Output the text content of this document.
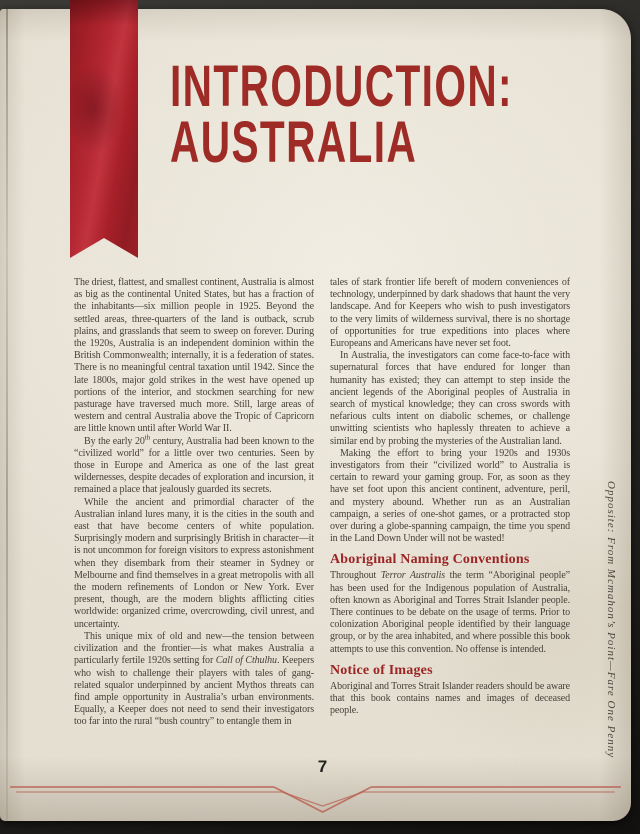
INTRODUCTION:
AUSTRALIA

The driest, flattest, and smallest continent, Australia is almost as big as the continental United States, but has a fraction of the inhabitants—six million people in 1925. Beyond the settled areas, three-quarters of the land is outback, scrub plains, and grasslands that seem to sweep on forever. During the 1920s, Australia is an independent dominion within the British Commonwealth; internally, it is a federation of states. There is no meaningful central taxation until 1942. Since the late 1800s, major gold strikes in the west have opened up portions of the interior, and stockmen searching for new pasturage have traversed much more. Still, large areas of western and central Australia above the Tropic of Capricorn are little known until after World War II.

By the early 20th century, Australia had been known to the “civilized world” for a little over two centuries. Seen by those in Europe and America as one of the last great wildernesses, despite decades of exploration and incursion, it remained a place that jealously guarded its secrets.

While the ancient and primordial character of the Australian inland lures many, it is the cities in the south and east that have become centers of white population. Surprisingly modern and surprisingly British in character—it is not uncommon for foreign visitors to express astonishment when they disembark from their steamer in Sydney or Melbourne and find themselves in a great metropolis with all the modern refinements of London or New York. Ever present, though, are the modern blights afflicting cities worldwide: organized crime, overcrowding, civil unrest, and uncertainty.

This unique mix of old and new—the tension between civilization and the frontier—is what makes Australia a particularly fertile 1920s setting for Call of Cthulhu. Keepers who wish to challenge their players with tales of gang-related squalor underpinned by ancient Mythos threats can find ample opportunity in Australia’s urban environments. Equally, a Keeper does not need to send their investigators too far into the rural “bush country” to entangle them in

tales of stark frontier life bereft of modern conveniences of technology, underpinned by dark shadows that haunt the very landscape. And for Keepers who wish to push investigators to the very limits of wilderness survival, there is no shortage of opportunities for true expeditions into places where Europeans and Americans have never set foot.

In Australia, the investigators can come face-to-face with supernatural forces that have endured for longer than humanity has existed; they can attempt to step inside the ancient legends of the Aboriginal peoples of Australia in search of mystical knowledge; they can cross swords with nefarious cults intent on diabolic schemes, or challenge unwitting scientists who haplessly threaten to achieve a similar end by probing the mysteries of the Australian land.

Making the effort to bring your 1920s and 1930s investigators from their “civilized world” to Australia is certain to reward your gaming group. For, as soon as they have set foot upon this ancient continent, adventure, peril, and mystery abound. Whether run as an Australian campaign, a series of one-shot games, or a protracted stop over during a globe-spanning campaign, the time you spend in the Land Down Under will not be wasted!

Aboriginal Naming Conventions

Throughout Terror Australis the term “Aboriginal people” has been used for the Indigenous population of Australia, often known as Aboriginal and Torres Strait Islander people. There continues to be debate on the usage of terms. Prior to colonization Aboriginal people identified by their language group, or by the area inhabited, and where possible this book attempts to use this convention. No offense is intended.

Notice of Images

Aboriginal and Torres Strait Islander readers should be aware that this book contains names and images of deceased people.	Opposite: From Mcmahon’s Point—Fare One Penny
7
